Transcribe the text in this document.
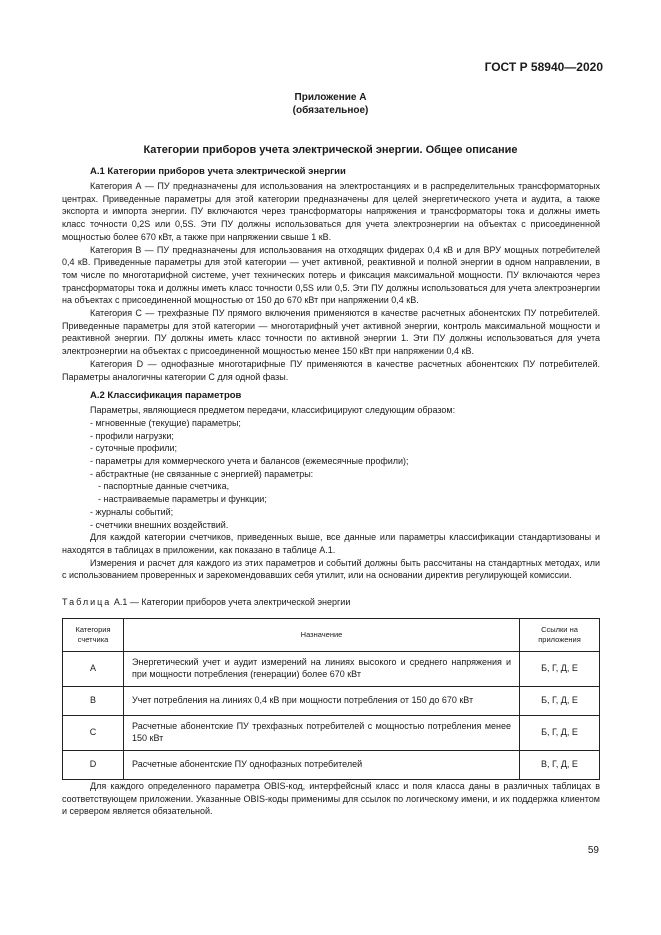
ГОСТ Р 58940—2020
Приложение А
(обязательное)
Категории приборов учета электрической энергии. Общее описание
А.1 Категории приборов учета электрической энергии

Категория А — ПУ предназначены для использования на электростанциях и в распределительных трансформаторных центрах. Приведенные параметры для этой категории предназначены для целей энергетического учета и аудита, а также экспорта и импорта энергии. ПУ включаются через трансформаторы напряжения и трансформаторы тока и должны иметь класс точности 0,2S или 0,5S. Эти ПУ должны использоваться для учета электроэнергии на объектах с присоединенной мощностью более 670 кВт, а также при напряжении свыше 1 кВ.

Категория В — ПУ предназначены для использования на отходящих фидерах 0,4 кВ и для ВРУ мощных потребителей 0,4 кВ. Приведенные параметры для этой категории — учет активной, реактивной и полной энергии в одном направлении, в том числе по многотарифной системе, учет технических потерь и фиксация максимальной мощности. ПУ включаются через трансформаторы тока и должны иметь класс точности 0,5S или 0,5. Эти ПУ должны использоваться для учета электроэнергии на объектах с присоединенной мощностью от 150 до 670 кВт при напряжении 0,4 кВ.

Категория С — трехфазные ПУ прямого включения применяются в качестве расчетных абонентских ПУ потребителей. Приведенные параметры для этой категории — многотарифный учет активной энергии, контроль максимальной мощности и реактивной энергии. ПУ должны иметь класс точности по активной энергии 1. Эти ПУ должны использоваться для учета электроэнергии на объектах с присоединенной мощностью менее 150 кВт при напряжении 0,4 кВ.

Категория D — однофазные многотарифные ПУ применяются в качестве расчетных абонентских ПУ потребителей. Параметры аналогичны категории С для одной фазы.

А.2 Классификация параметров

Параметры, являющиеся предметом передачи, классифицируют следующим образом:

- мгновенные (текущие) параметры;
- профили нагрузки;
- суточные профили;
- параметры для коммерческого учета и балансов (ежемесячные профили);
- абстрактные (не связанные с энергией) параметры:
- паспортные данные счетчика,
- настраиваемые параметры и функции;
- журналы событий;
- счетчики внешних воздействий.

Для каждой категории счетчиков, приведенных выше, все данные или параметры классификации стандартизованы и находятся в таблицах в приложении, как показано в таблице А.1.

Измерения и расчет для каждого из этих параметров и событий должны быть рассчитаны на стандартных методах, или с использованием проверенных и зарекомендовавших себя утилит, или на основании директив регулирующей комиссии.

Таблица А.1 — Категории приборов учета электрической энергии
Категория счетчика	Назначение	Ссылки на приложения
А	Энергетический учет и аудит измерений на линиях высокого и среднего напряжения и при мощности потребления (генерации) более 670 кВт	Б, Г, Д, Е
В	Учет потребления на линиях 0,4 кВ при мощности потребления от 150 до 670 кВт	Б, Г, Д, Е
С	Расчетные абонентские ПУ трехфазных потребителей с мощностью потребления менее 150 кВт	Б, Г, Д, Е
D	Расчетные абонентские ПУ однофазных потребителей	В, Г, Д, Е

Для каждого определенного параметра OBIS-код, интерфейсный класс и поля класса даны в различных таблицах в соответствующем приложении. Указанные OBIS-коды применимы для ссылок по логическому имени, и их поддержка клиентом и сервером является обязательной.

59
